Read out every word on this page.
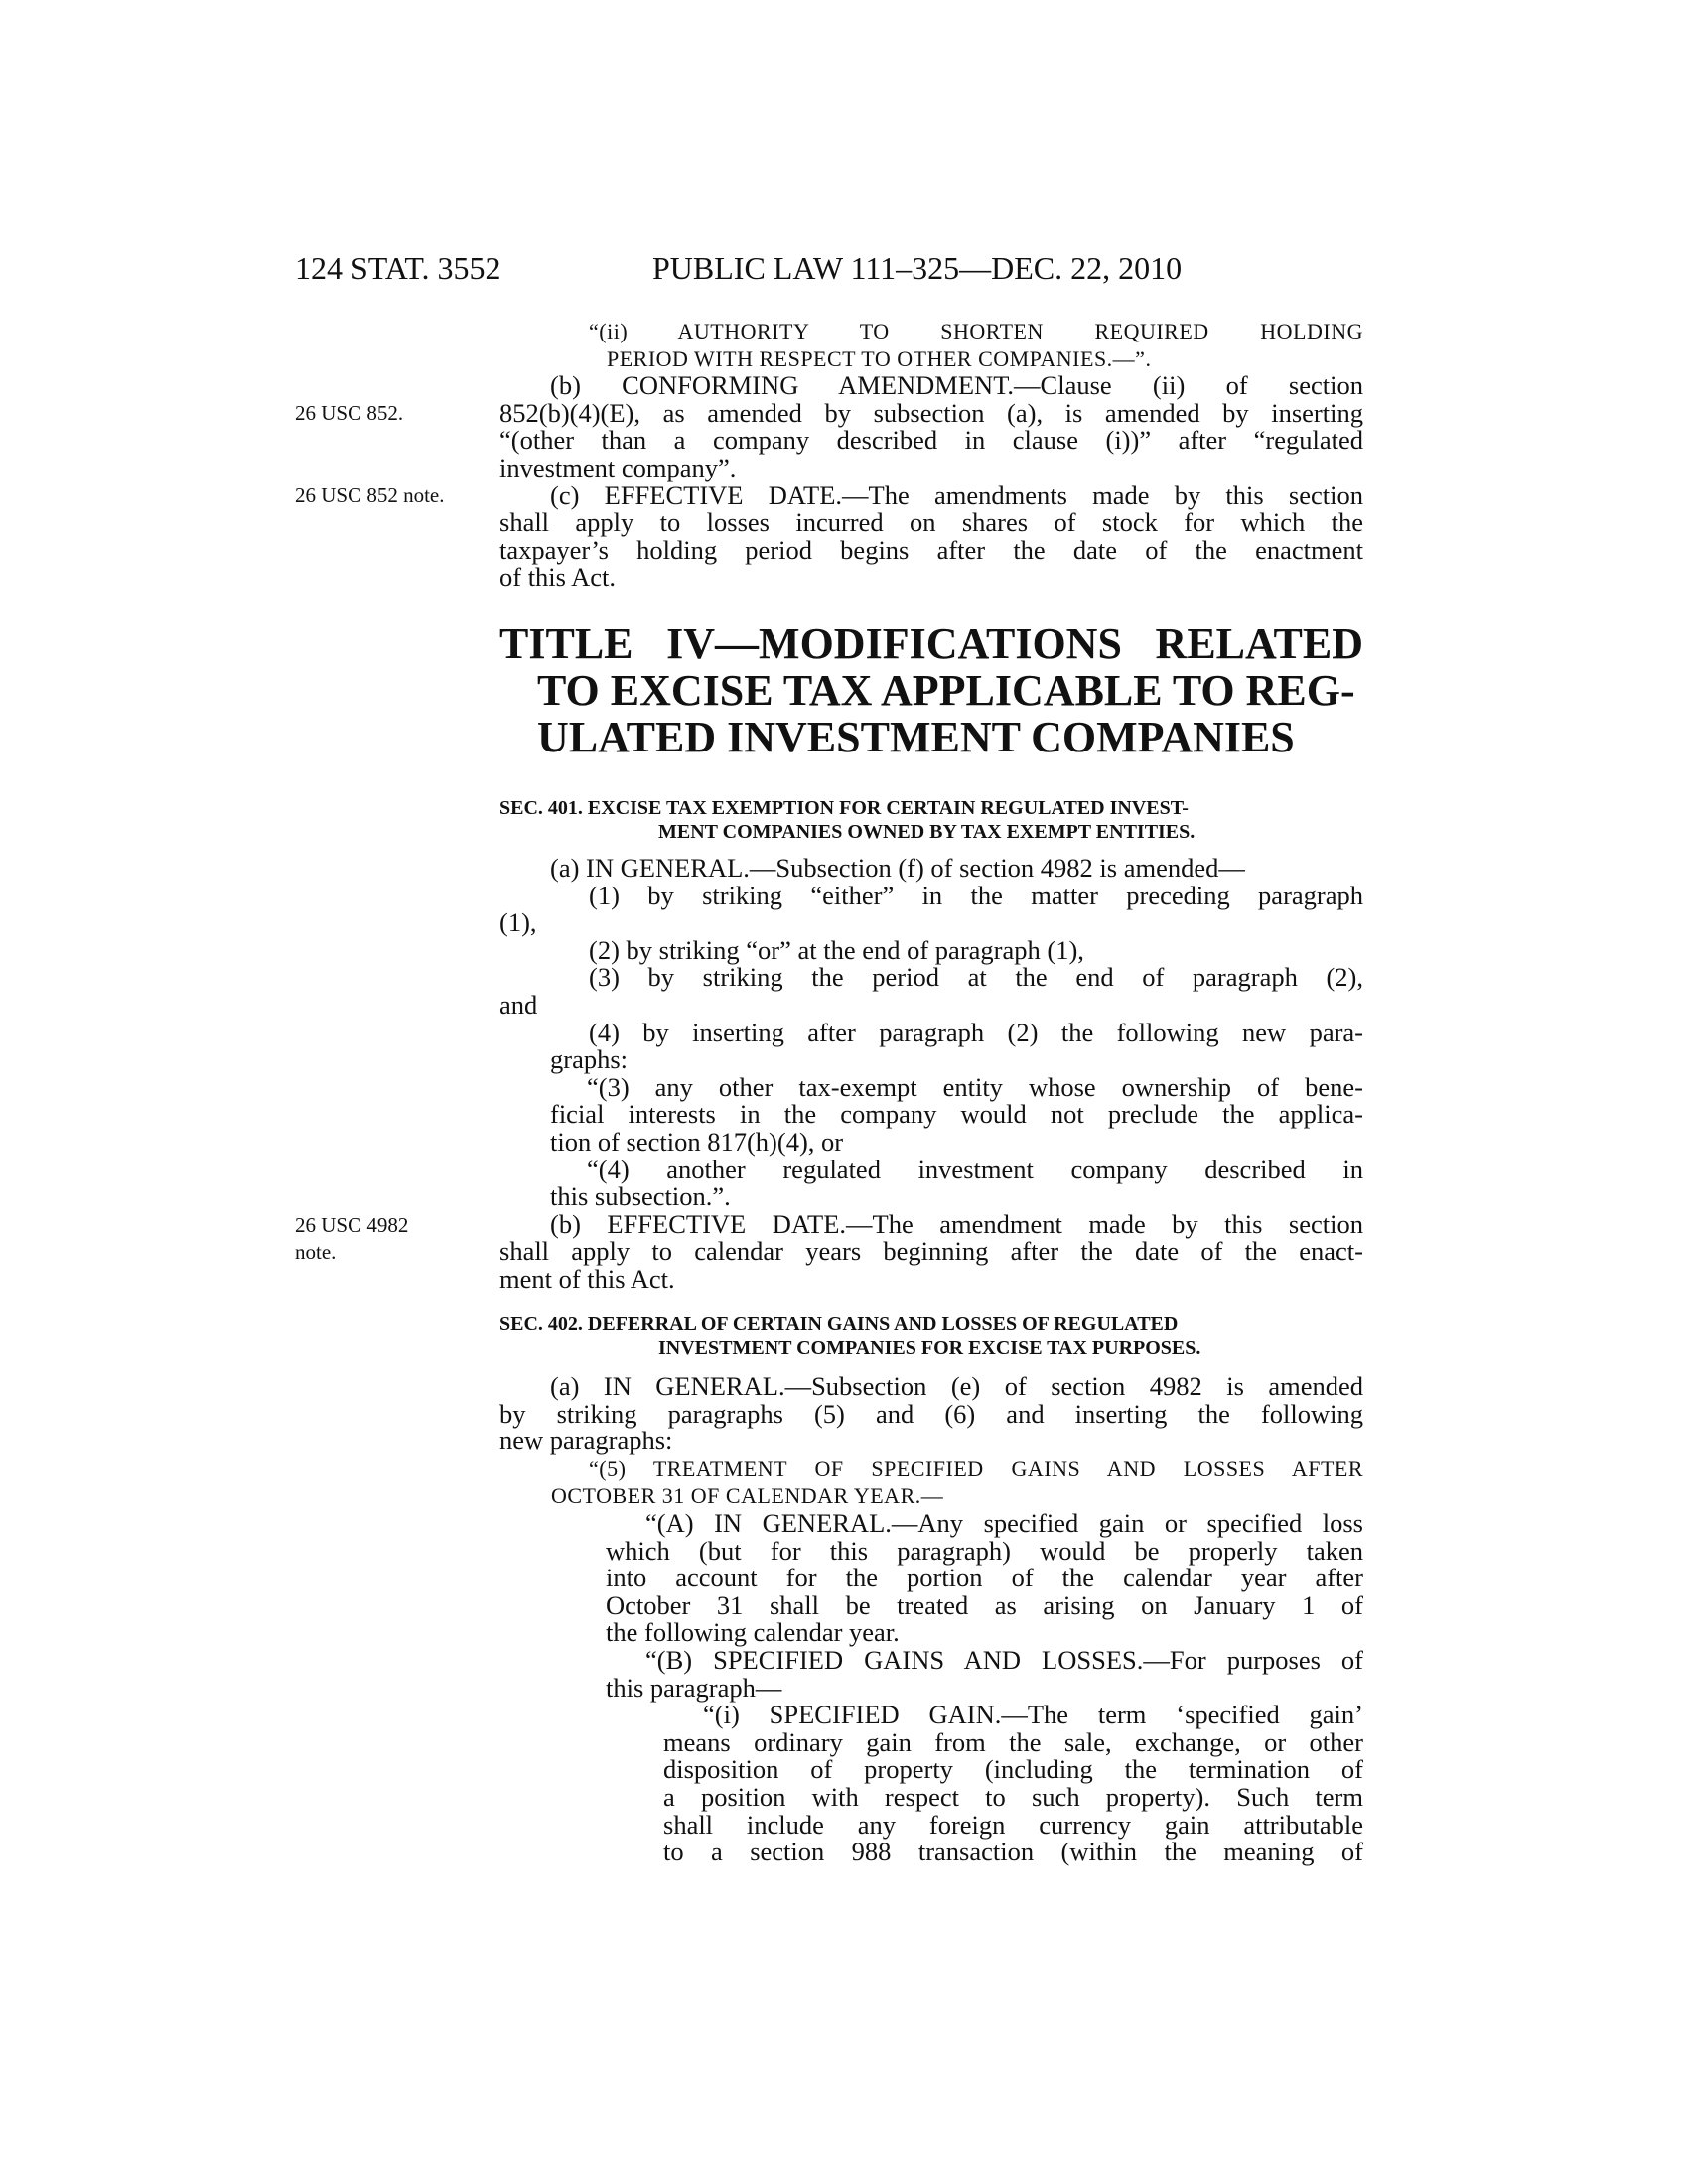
124 STAT. 3552	PUBLIC LAW 111–325—DEC. 22, 2010
26 USC 852.
26 USC 852 note.
26 USC 4982
note.
“(ii) AUTHORITY TO SHORTEN REQUIRED HOLDING
PERIOD WITH RESPECT TO OTHER COMPANIES.—”.
(b) CONFORMING AMENDMENT.—Clause (ii) of section
852(b)(4)(E), as amended by subsection (a), is amended by inserting
“(other than a company described in clause (i))” after “regulated
investment company”.
(c) EFFECTIVE DATE.—The amendments made by this section
shall apply to losses incurred on shares of stock for which the
taxpayer’s holding period begins after the date of the enactment
of this Act.
TITLE IV—MODIFICATIONS RELATED
TO EXCISE TAX APPLICABLE TO REG-
ULATED INVESTMENT COMPANIES
SEC. 401. EXCISE TAX EXEMPTION FOR CERTAIN REGULATED INVEST-
MENT COMPANIES OWNED BY TAX EXEMPT ENTITIES.
(a) IN GENERAL.—Subsection (f) of section 4982 is amended—
(1) by striking “either” in the matter preceding paragraph
(1),
(2) by striking “or” at the end of paragraph (1),
(3) by striking the period at the end of paragraph (2),
and
(4) by inserting after paragraph (2) the following new para-
graphs:
“(3) any other tax-exempt entity whose ownership of bene-
ficial interests in the company would not preclude the applica-
tion of section 817(h)(4), or
“(4) another regulated investment company described in
this subsection.”.
(b) EFFECTIVE DATE.—The amendment made by this section
shall apply to calendar years beginning after the date of the enact-
ment of this Act.
SEC. 402. DEFERRAL OF CERTAIN GAINS AND LOSSES OF REGULATED
INVESTMENT COMPANIES FOR EXCISE TAX PURPOSES.
(a) IN GENERAL.—Subsection (e) of section 4982 is amended
by striking paragraphs (5) and (6) and inserting the following
new paragraphs:
“(5) TREATMENT OF SPECIFIED GAINS AND LOSSES AFTER
OCTOBER 31 OF CALENDAR YEAR.—
“(A) IN GENERAL.—Any specified gain or specified loss
which (but for this paragraph) would be properly taken
into account for the portion of the calendar year after
October 31 shall be treated as arising on January 1 of
the following calendar year.
“(B) SPECIFIED GAINS AND LOSSES.—For purposes of
this paragraph—
“(i) SPECIFIED GAIN.—The term ‘specified gain’
means ordinary gain from the sale, exchange, or other
disposition of property (including the termination of
a position with respect to such property). Such term
shall include any foreign currency gain attributable
to a section 988 transaction (within the meaning of
